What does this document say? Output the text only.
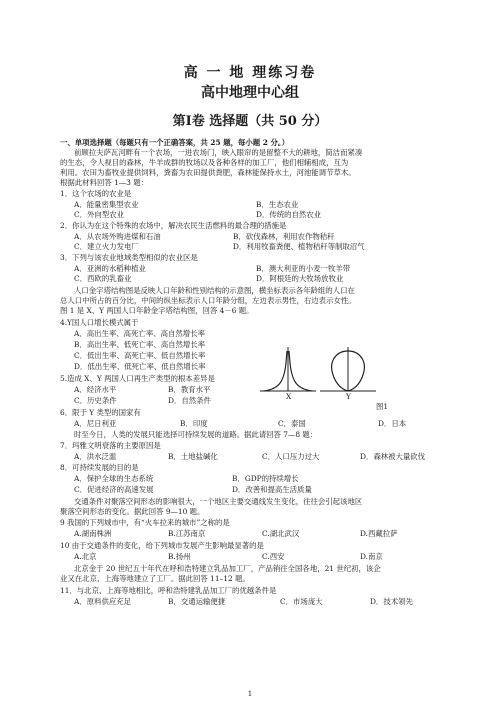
高 一 地 理练习卷
高中地理中心组
第Ⅰ卷 选择题（共 50 分）
一、单项选择题（每题只有一个正确答案，共 25 题，每小题 2 分。）
前顾拉夫萨瓦河畔有一个农场，一进农场门，映入眼帘的是留整不大的耕地，简洁而紧凑
的生态，令人视目的森林，牛羊成群的牧场以及各种各样的加工厂，他们相辅相成，互为
利用。农田为畜牧业提供饲料，粪畜为农田提供粪肥，森林能保持水土，河池能调节草木。
根据此材料回答 1—3 题：
1．这个农场的农业是
A．能量密集型农业	B．生态农业
C．外向型农业	D．传统的自然农业
2．你认为在这个特殊的农场中，解决农民生活燃料的最合理的措施是
A．从农场外购进煤和石油	B．砍伐森林，利用农作物秸秆
C．建立火力发电厂	D．利用牧畜粪便、植物秸秆等制取沼气
3．下列与该农业地域类型相似的农业区是
A．亚洲的水稻种植业	B．澳大利亚的小麦一牧羊带
C．西欧的乳畜业	D．阿根廷的大牧场放牧业
人口金字塔结构图是反映人口年龄和性别结构的示意图，横坐标表示各年龄组的人口在
总人口中所占的百分比，中间的纵坐标表示人口年龄分组，左边表示男性，右边表示女性。
图 1 是 X、Y 两国人口年龄金字塔结构图，回答 4－6 题。
4.Y国人口增长模式属于
A．高出生率、高死亡率、高自然增长率
B．高出生率、低死亡率、高自然增长率
C．低出生率、高死亡率、低自然增长率
D．低出生率、低死亡率、低自然增长率
X	Y
图1
5.造成 X、Y 两国人口再生产类型的根本差异是
A．经济水平	B．教育水平
C．历史条件	D．自然条件
6．限于 Y 类型的国家有
A．尼日利亚	B．印度	C．泰国	D．日本
时至今日，人类的发展只能选择可持续发展的道路。据此请回答 7—8 题：
7．玛雅文明衰落的主要原因是
A．洪水泛滥	B．土地盐碱化	C．人口压力过大	D．森林被大量砍伐
8．可持续发展的目的是
A．保护全球的生态系统	B．GDP的持续增长
C．促进经济的高速发展	D．改善和提高生活质量
交通条件对聚落空间形态的影响很大，一个地区主要交通线发生变化，往往会引起该地区
聚落空间形态的变化。据此回答 9—10 题。
9 我国的下列城市中，有“火车拉来的城市”之称的是
A.湖南株洲	B.江苏南京	C.湖北武汉	D.西藏拉萨
10 由于交通条件的变化，给下列城市发展产生影响最显著的是
A.北京	B.扬州	C.西安	D.南京
北京金于 20 世纪五十年代在呼和浩特建立乳品加工厂，产品销往全国各地，21 世纪初，该企
业又在北京、上海等地建立了工厂。据此回答 11–12 题。
11．与北京、上海等地相比，呼和浩特建乳品加工厂的优越条件是
A．原料供应充足	B．交通运输便捷	C．市场庞大	D．技术领先
1
